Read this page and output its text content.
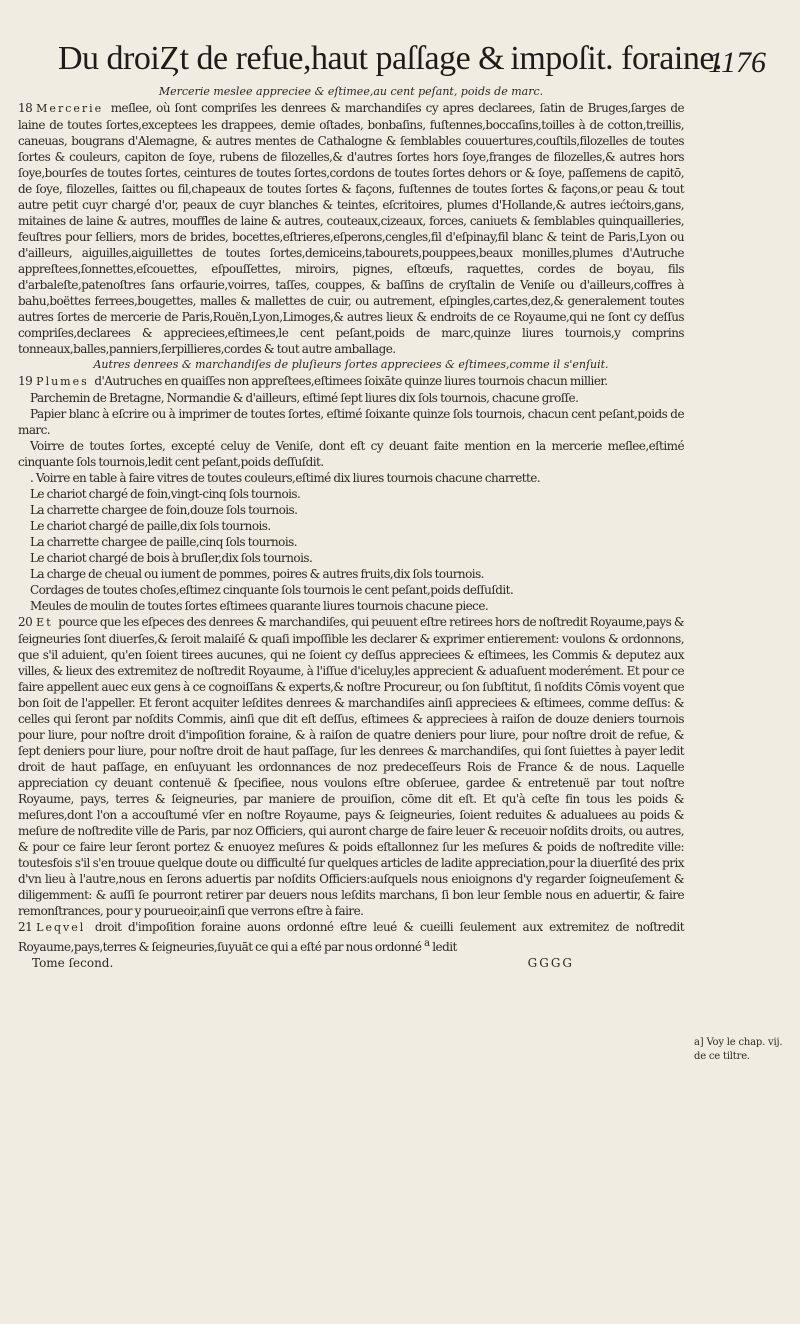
Du droiȤt de refue,haut paſſage & impoſit. foraine.
1176
Mercerie meslee appreciee & eſtimee,au cent peſant, poids de marc.

18 Mercerie meſlee, où ſont compriſes les denrees & marchandiſes cy apres declarees, ſatin de Bruges,ſarges de laine de toutes ſortes,exceptees les drappees, demie oſtades, bonbaſins, fuſtennes,boccaſins,toilles à de cotton,treillis, caneuas, bougrans d'Alemagne, & autres mentes de Cathalogne & ſemblables couuertures,couſtils,filozelles de toutes ſortes & couleurs, capiton de ſoye, rubens de filozelles,& d'autres ſortes hors ſoye,franges de filozelles,& autres hors ſoye,bourſes de toutes ſortes, ceintures de toutes ſortes,cordons de toutes ſortes dehors or & ſoye, paſſemens de capitō, de ſoye, filozelles, ſaittes ou fil,chapeaux de toutes ſortes & façons, fuſtennes de toutes ſortes & façons,or peau & tout autre petit cuyr chargé d'or, peaux de cuyr blanches & teintes, eſcritoires, plumes d'Hollande,& autres iećtoirs,gans, mitaines de laine & autres, mouffles de laine & autres, couteaux,cizeaux, forces, caniuets & ſemblables quinquailleries, feuſtres pour ſelliers, mors de brides, bocettes,eſtrieres,eſperons,cengles,fil d'eſpinay,fil blanc & teint de Paris,Lyon ou d'ailleurs, aiguilles,aiguillettes de toutes ſortes,demiceins,tabourets,pouppees,beaux monilles,plumes d'Autruche appreſtees,ſonnettes,eſcouettes, eſpouſſettes, miroirs, pignes, eſtœufs, raquettes, cordes de boyau, fils d'arbaleſte,patenoſtres ſans orfaurie,voirres, taſſes, couppes, & baſſins de cryſtalin de Veniſe ou d'ailleurs,coffres à bahu,boëttes ferrees,bougettes, malles & mallettes de cuir, ou autrement, eſpingles,cartes,dez,& generalement toutes autres ſortes de mercerie de Paris,Rouën,Lyon,Limoges,& autres lieux & endroits de ce Royaume,qui ne ſont cy deſſus compriſes,declarees & appreciees,eſtimees,le cent peſant,poids de marc,quinze liures tournois,y comprins tonneaux,balles,panniers,ſerpillieres,cordes & tout autre amballage.

Autres denrees & marchandiſes de pluſieurs ſortes appreciees & eſtimees,comme il s'enſuit.

19 Plumes d'Autruches en quaiſſes non appreſtees,eſtimees ſoixāte quinze liures tournois chacun millier.

Parchemin de Bretagne, Normandie & d'ailleurs, eſtimé ſept liures dix ſols tournois, chacune groſſe.

Papier blanc à eſcrire ou à imprimer de toutes ſortes, eſtimé ſoixante quinze ſols tournois, chacun cent peſant,poids de marc.

Voirre de toutes ſortes, excepté celuy de Veniſe, dont eſt cy deuant faite mention en la mercerie meſlee,eſtimé cinquante ſols tournois,ledit cent peſant,poids deſſuſdit.

. Voirre en table à faire vitres de toutes couleurs,eſtimé dix liures tournois chacune charrette.

Le chariot chargé de foin,vingt-cinq ſols tournois.

La charrette chargee de foin,douze ſols tournois.

Le chariot chargé de paille,dix ſols tournois.

La charrette chargee de paille,cinq ſols tournois.

Le chariot chargé de bois à bruſler,dix ſols tournois.

La charge de cheual ou iument de pommes, poires & autres fruits,dix ſols tournois.

Cordages de toutes choſes,eſtimez cinquante ſols tournois le cent peſant,poids deſſuſdit.

Meules de moulin de toutes ſortes eſtimees quarante liures tournois chacune piece.

20 Et pource que les eſpeces des denrees & marchandiſes, qui peuuent eſtre retirees hors de noſtredit Royaume,pays & ſeigneuries ſont diuerſes,& ſeroit malaiſé & quaſi impoſſible les declarer & exprimer entierement: voulons & ordonnons, que s'il aduient, qu'en ſoient tirees aucunes, qui ne ſoient cy deſſus appreciees & eſtimees, les Commis & deputez aux villes, & lieux des extremitez de noſtredit Royaume, à l'iſſue d'iceluy,les apprecient & aduaſuent moderément. Et pour ce faire appellent auec eux gens à ce cognoiſſans & experts,& noſtre Procureur, ou ſon ſubſtitut, ſi noſdits Cōmis voyent que bon ſoit de l'appeller. Et feront acquiter leſdites denrees & marchandiſes ainſi appreciees & eſtimees, comme deſſus: & celles qui ſeront par noſdits Commis, ainſi que dit eſt deſſus, eſtimees & appreciees à raiſon de douze deniers tournois pour liure, pour noſtre droit d'impoſition foraine, & à raiſon de quatre deniers pour liure, pour noſtre droit de refue, & ſept deniers pour liure, pour noſtre droit de haut paſſage, ſur les denrees & marchandiſes, qui ſont ſuiettes à payer ledit droit de haut paſſage, en enſuyuant les ordonnances de noz predeceſſeurs Rois de France & de nous. Laquelle appreciation cy deuant contenuë & ſpecifiee, nous voulons eſtre obſeruee, gardee & entretenuë par tout noſtre Royaume, pays, terres & ſeigneuries, par maniere de prouiſion, cōme dit eſt. Et qu'à ceſte fin tous les poids & meſures,dont l'on a accouſtumé vſer en noſtre Royaume, pays & ſeigneuries, ſoient reduites & adualuees au poids & meſure de noſtredite ville de Paris, par noz Officiers, qui auront charge de faire leuer & receuoir noſdits droits, ou autres, & pour ce faire leur ſeront portez & enuoyez meſures & poids eſtallonnez ſur les meſures & poids de noſtredite ville: toutesfois s'il s'en trouue quelque doute ou difficulté ſur quelques articles de ladite appreciation,pour la diuerſité des prix d'vn lieu à l'autre,nous en ſerons aduertis par noſdits Officiers:auſquels nous enioignons d'y regarder ſoigneuſement & diligemment: & auſſi ſe pourront retirer par deuers nous leſdits marchans, ſi bon leur ſemble nous en aduertir, & faire remonſtrances, pour y pourueoir,ainſi que verrons eſtre à faire.

21 Leqvel droit d'impoſition foraine auons ordonné eſtre leué & cueilli ſeulement aux extremitez de noſtredit Royaume,pays,terres & ſeigneuries,ſuyuāt ce qui a eſté par nous ordonné $^a$ ledit

Tome ſecond.	GGGG
a] Voy le chap. vij. de ce tiltre.
